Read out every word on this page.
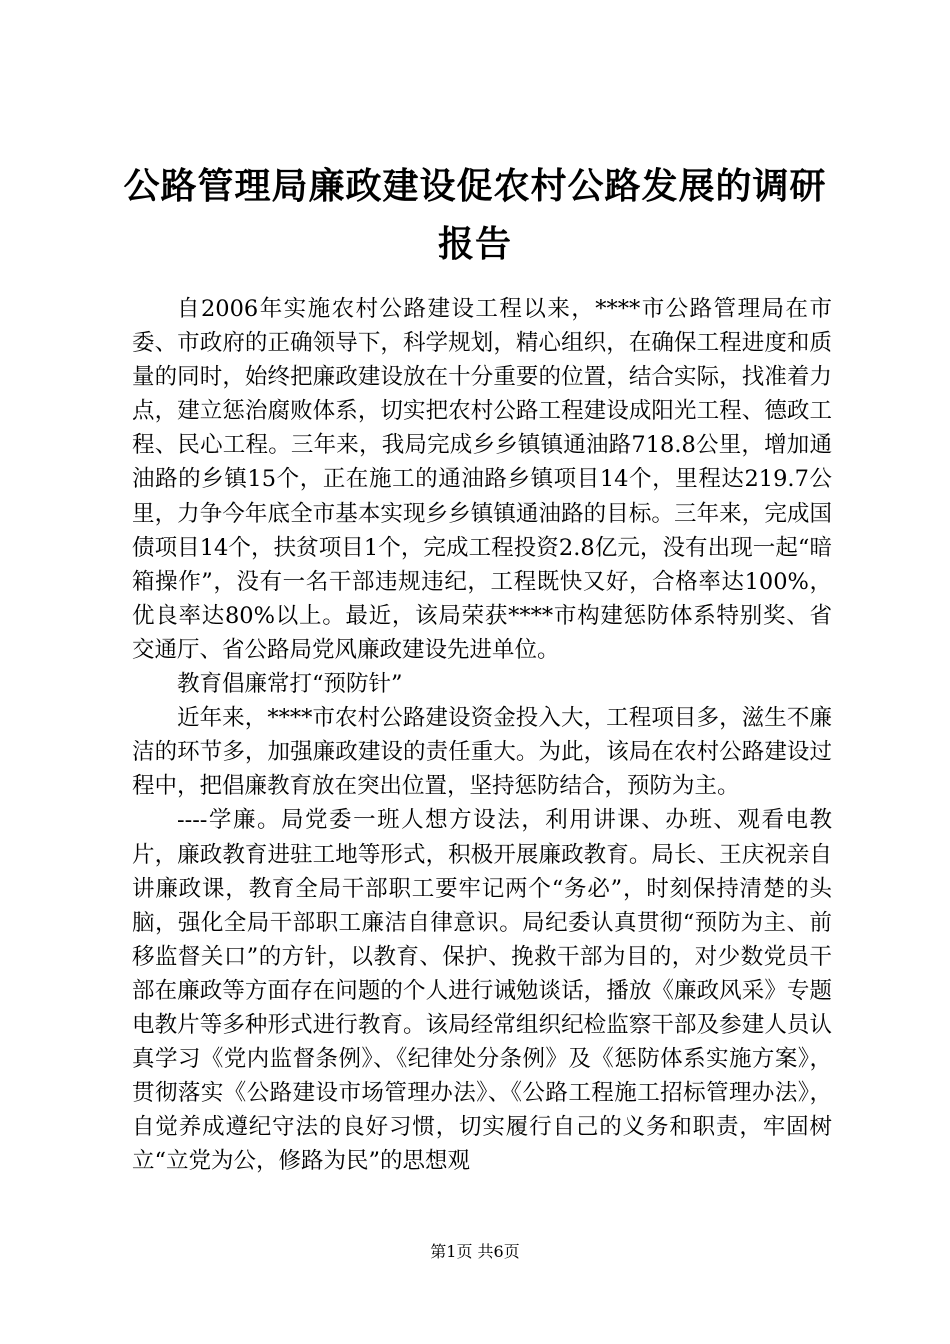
公路管理局廉政建设促农村公路发展的调研报告

自2006年实施农村公路建设工程以来，****市公路管理局在市委、市政府的正确领导下，科学规划，精心组织，在确保工程进度和质量的同时，始终把廉政建设放在十分重要的位置，结合实际，找准着力点，建立惩治腐败体系，切实把农村公路工程建设成阳光工程、德政工程、民心工程。三年来，我局完成乡乡镇镇通油路718.8公里，增加通油路的乡镇15个，正在施工的通油路乡镇项目14个，里程达219.7公里，力争今年底全市基本实现乡乡镇镇通油路的目标。三年来，完成国债项目14个，扶贫项目1个，完成工程投资2.8亿元，没有出现一起“暗箱操作”，没有一名干部违规违纪，工程既快又好，合格率达100%，优良率达80%以上。最近，该局荣获****市构建惩防体系特别奖、省交通厅、省公路局党风廉政建设先进单位。

教育倡廉常打“预防针”

近年来，****市农村公路建设资金投入大，工程项目多，滋生不廉洁的环节多，加强廉政建设的责任重大。为此，该局在农村公路建设过程中，把倡廉教育放在突出位置，坚持惩防结合，预防为主。

----学廉。局党委一班人想方设法，利用讲课、办班、观看电教片，廉政教育进驻工地等形式，积极开展廉政教育。局长、王庆祝亲自讲廉政课，教育全局干部职工要牢记两个“务必”，时刻保持清楚的头脑，强化全局干部职工廉洁自律意识。局纪委认真贯彻“预防为主、前移监督关口”的方针，以教育、保护、挽救干部为目的，对少数党员干部在廉政等方面存在问题的个人进行诫勉谈话，播放《廉政风采》专题电教片等多种形式进行教育。该局经常组织纪检监察干部及参建人员认真学习《党内监督条例》、《纪律处分条例》及《惩防体系实施方案》，贯彻落实《公路建设市场管理办法》、《公路工程施工招标管理办法》，自觉养成遵纪守法的良好习惯，切实履行自己的义务和职责，牢固树立“立党为公，修路为民”的思想观

第1页 共6页
